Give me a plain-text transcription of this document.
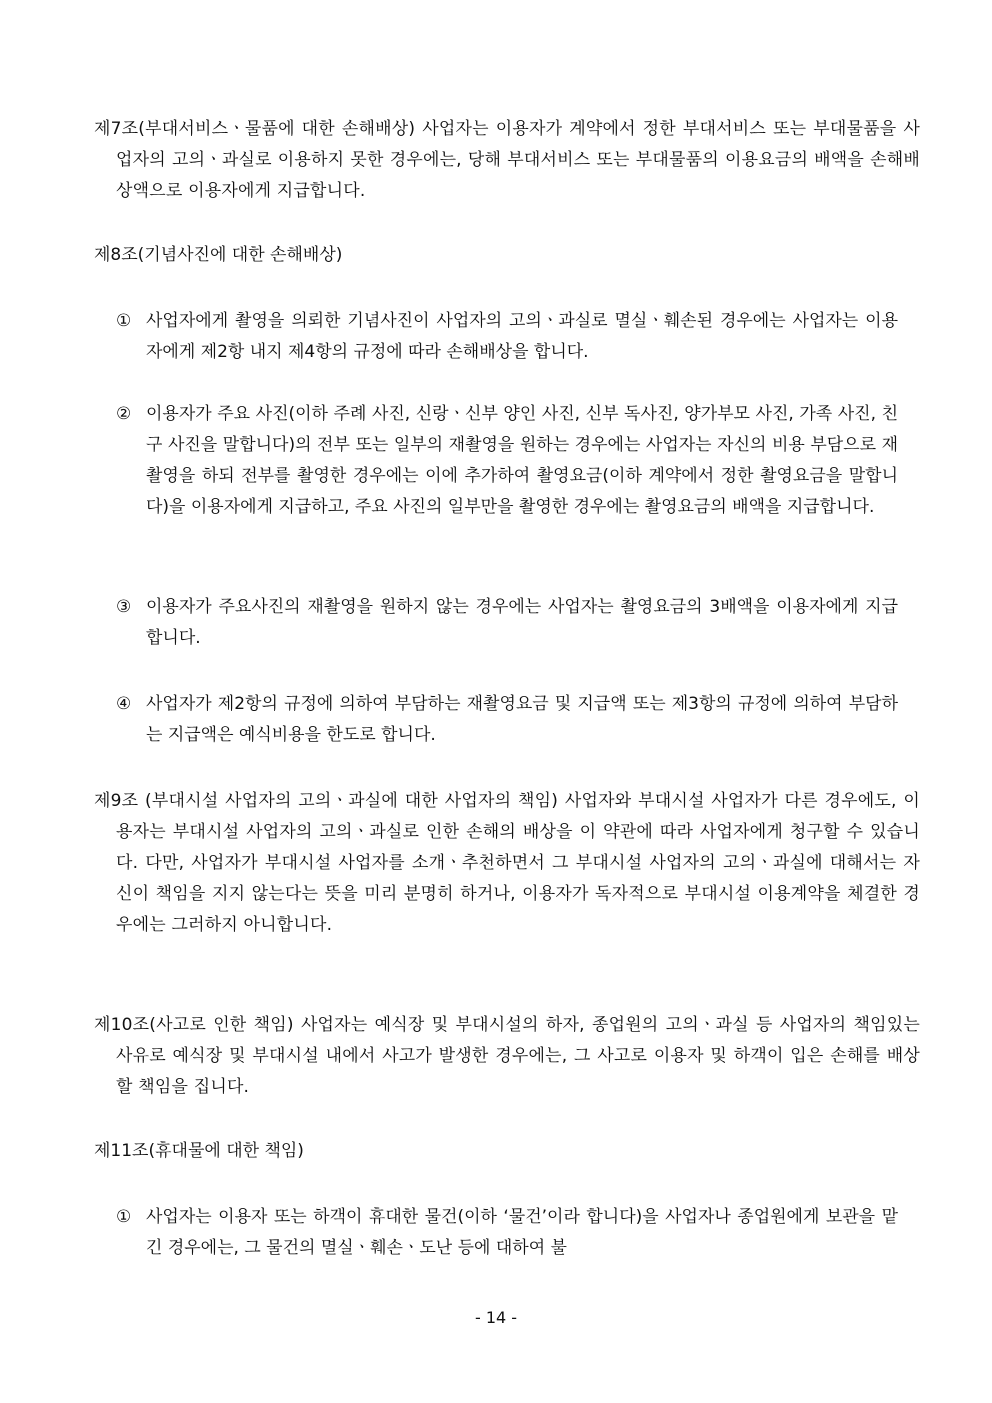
제7조(부대서비스ㆍ물품에 대한 손해배상) 사업자는 이용자가 계약에서 정한 부대서비스 또는 부대물품을 사업자의 고의ㆍ과실로 이용하지 못한 경우에는, 당해 부대서비스 또는 부대물품의 이용요금의 배액을 손해배상액으로 이용자에게 지급합니다.
제8조(기념사진에 대한 손해배상)
① 사업자에게 촬영을 의뢰한 기념사진이 사업자의 고의ㆍ과실로 멸실ㆍ훼손된 경우에는 사업자는 이용자에게 제2항 내지 제4항의 규정에 따라 손해배상을 합니다.
② 이용자가 주요 사진(이하 주례 사진, 신랑ㆍ신부 양인 사진, 신부 독사진, 양가부모 사진, 가족 사진, 친구 사진을 말합니다)의 전부 또는 일부의 재촬영을 원하는 경우에는 사업자는 자신의 비용 부담으로 재촬영을 하되 전부를 촬영한 경우에는 이에 추가하여 촬영요금(이하 계약에서 정한 촬영요금을 말합니다)을 이용자에게 지급하고, 주요 사진의 일부만을 촬영한 경우에는 촬영요금의 배액을 지급합니다.
③ 이용자가 주요사진의 재촬영을 원하지 않는 경우에는 사업자는 촬영요금의 3배액을 이용자에게 지급합니다.
④ 사업자가 제2항의 규정에 의하여 부담하는 재촬영요금 및 지급액 또는 제3항의 규정에 의하여 부담하는 지급액은 예식비용을 한도로 합니다.
제9조 (부대시설 사업자의 고의ㆍ과실에 대한 사업자의 책임) 사업자와 부대시설 사업자가 다른 경우에도, 이용자는 부대시설 사업자의 고의ㆍ과실로 인한 손해의 배상을 이 약관에 따라 사업자에게 청구할 수 있습니다. 다만, 사업자가 부대시설 사업자를 소개ㆍ추천하면서 그 부대시설 사업자의 고의ㆍ과실에 대해서는 자신이 책임을 지지 않는다는 뜻을 미리 분명히 하거나, 이용자가 독자적으로 부대시설 이용계약을 체결한 경우에는 그러하지 아니합니다.
제10조(사고로 인한 책임) 사업자는 예식장 및 부대시설의 하자, 종업원의 고의ㆍ과실 등 사업자의 책임있는 사유로 예식장 및 부대시설 내에서 사고가 발생한 경우에는, 그 사고로 이용자 및 하객이 입은 손해를 배상할 책임을 집니다.
제11조(휴대물에 대한 책임)
① 사업자는 이용자 또는 하객이 휴대한 물건(이하 ‘물건’이라 합니다)을 사업자나 종업원에게 보관을 맡긴 경우에는, 그 물건의 멸실ㆍ훼손ㆍ도난 등에 대하여 불
- 14 -
